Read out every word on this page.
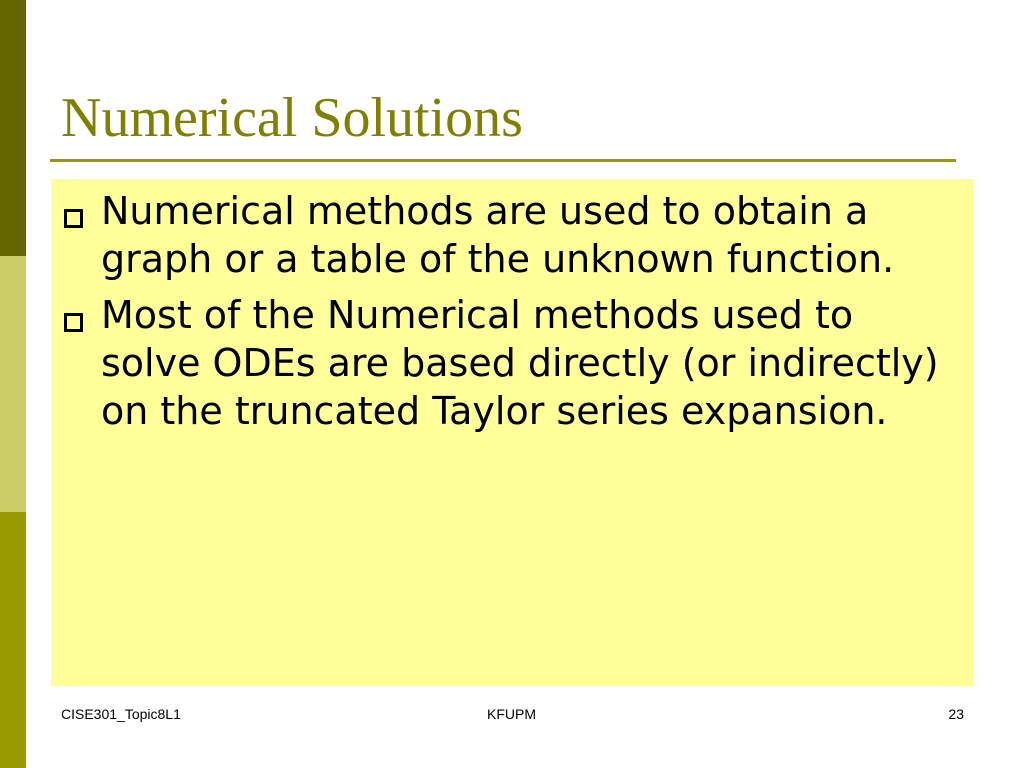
Numerical Solutions
Numerical methods are used to obtain a graph or a table of the unknown function.
Most of the Numerical methods used to solve ODEs are based directly (or indirectly) on the truncated Taylor series expansion.
CISE301_Topic8L1	KFUPM	23
